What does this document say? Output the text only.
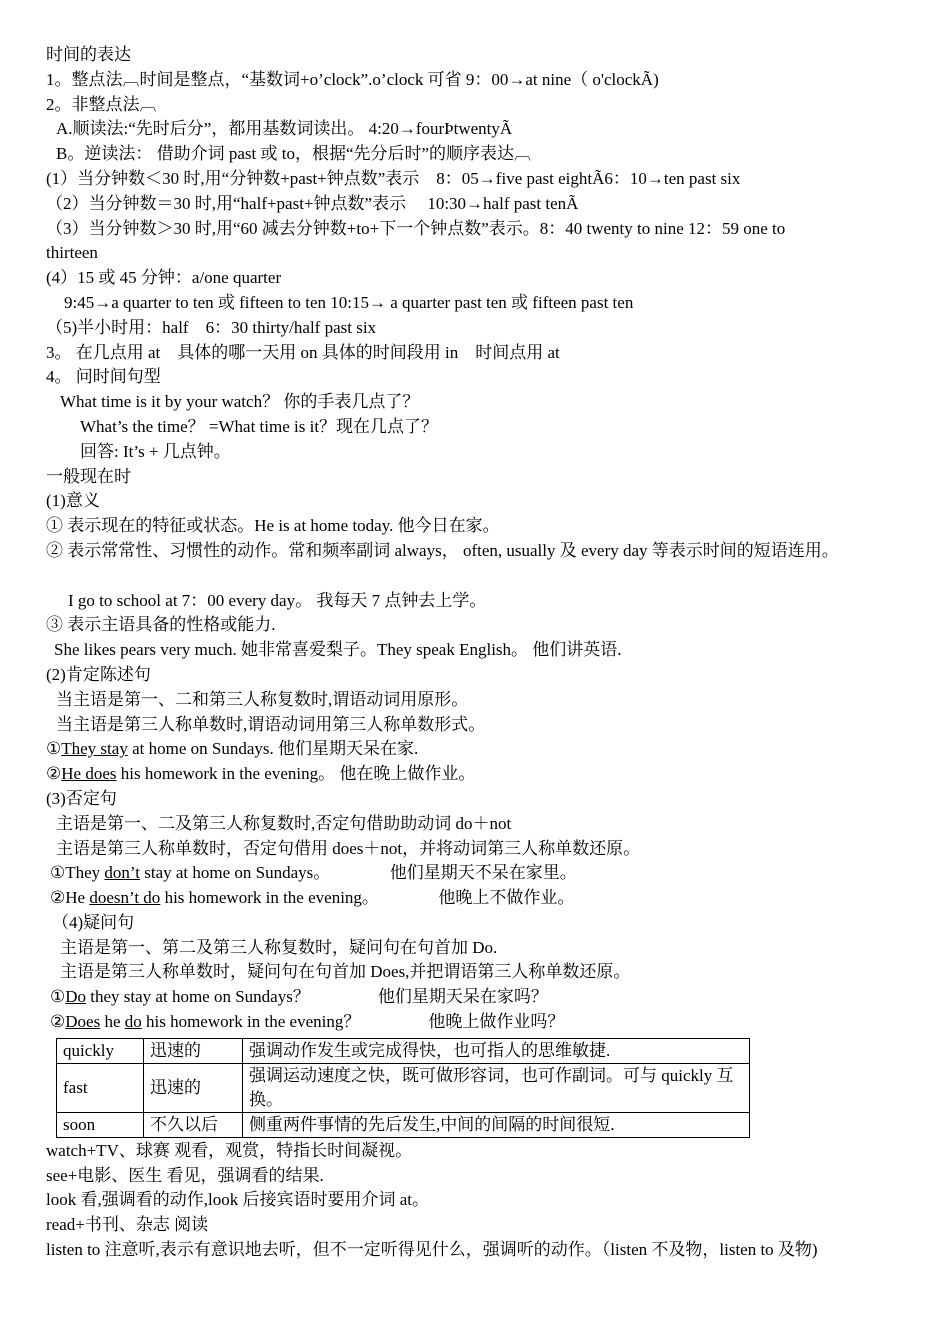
时间的表达
1。整点法︹时间是整点，“基数词+o’clock”.o’clock 可省 9：00→at nine（ o'clockÃ)
2。非整点法︹
A.顺读法:“先时后分”，都用基数词读出。 4:20→fourÞtwentyÃ
B。逆读法： 借助介词 past 或 to，根据“先分后时”的顺序表达︹
(1）当分钟数＜30 时,用“分钟数+past+钟点数”表示　8：05→five past eightÃ6：10→ten past six
（2）当分钟数＝30 时,用“half+past+钟点数”表示　 10:30→half past tenÃ
（3）当分钟数＞30 时,用“60 减去分钟数+to+下一个钟点数”表示。8：40 twenty to nine 12：59 one to
thirteen
(4）15 或 45 分钟：a/one quarter
9:45→a quarter to ten 或 fifteen to ten 10:15→ a quarter past ten 或 fifteen past ten
（5)半小时用：half　6：30 thirty/half past six
3。 在几点用 at　具体的哪一天用 on 具体的时间段用 in　时间点用 at
4。 问时间句型
What time is it by your watch？ 你的手表几点了？
What’s the time？ =What time is it？现在几点了？
回答: It’s + 几点钟。
一般现在时
(1)意义
① 表示现在的特征或状态。He is at home today. 他今日在家。
② 表示常常性、习惯性的动作。常和频率副词 always， often, usually 及 every day 等表示时间的短语连用。
I go to school at 7：00 every day。 我每天 7 点钟去上学。
③ 表示主语具备的性格或能力.
She likes pears very much. 她非常喜爱梨子。They speak English。 他们讲英语.
(2)肯定陈述句
当主语是第一、二和第三人称复数时,谓语动词用原形。
当主语是第三人称单数时,谓语动词用第三人称单数形式。
①They stay at home on Sundays. 他们星期天呆在家.
②He does his homework in the evening。 他在晚上做作业。
(3)否定句
主语是第一、二及第三人称复数时,否定句借助助动词 do＋not
主语是第三人称单数时，否定句借用 does＋not，并将动词第三人称单数还原。
①They don’t stay at home on Sundays。　　　　他们星期天不呆在家里。
②He doesn’t do his homework in the evening。　　　　他晚上不做作业。
（4)疑问句
主语是第一、第二及第三人称复数时，疑问句在句首加 Do.
主语是第三人称单数时，疑问句在句首加 Does,并把谓语第三人称单数还原。
①Do they stay at home on Sundays？　　　　他们星期天呆在家吗？
②Does he do his homework in the evening？　　　　他晚上做作业吗？
quickly	迅速的	强调动作发生或完成得快，也可指人的思维敏捷.
fast	迅速的	强调运动速度之快，既可做形容词，也可作副词。可与 quickly 互换。
soon	不久以后	侧重两件事情的先后发生,中间的间隔的时间很短.
watch+TV、球赛 观看，观赏，特指长时间凝视。
see+电影、医生 看见，强调看的结果.
look 看,强调看的动作,look 后接宾语时要用介词 at。
read+书刊、杂志 阅读
listen to 注意听,表示有意识地去听，但不一定听得见什么，强调听的动作。（listen 不及物，listen to 及物)
